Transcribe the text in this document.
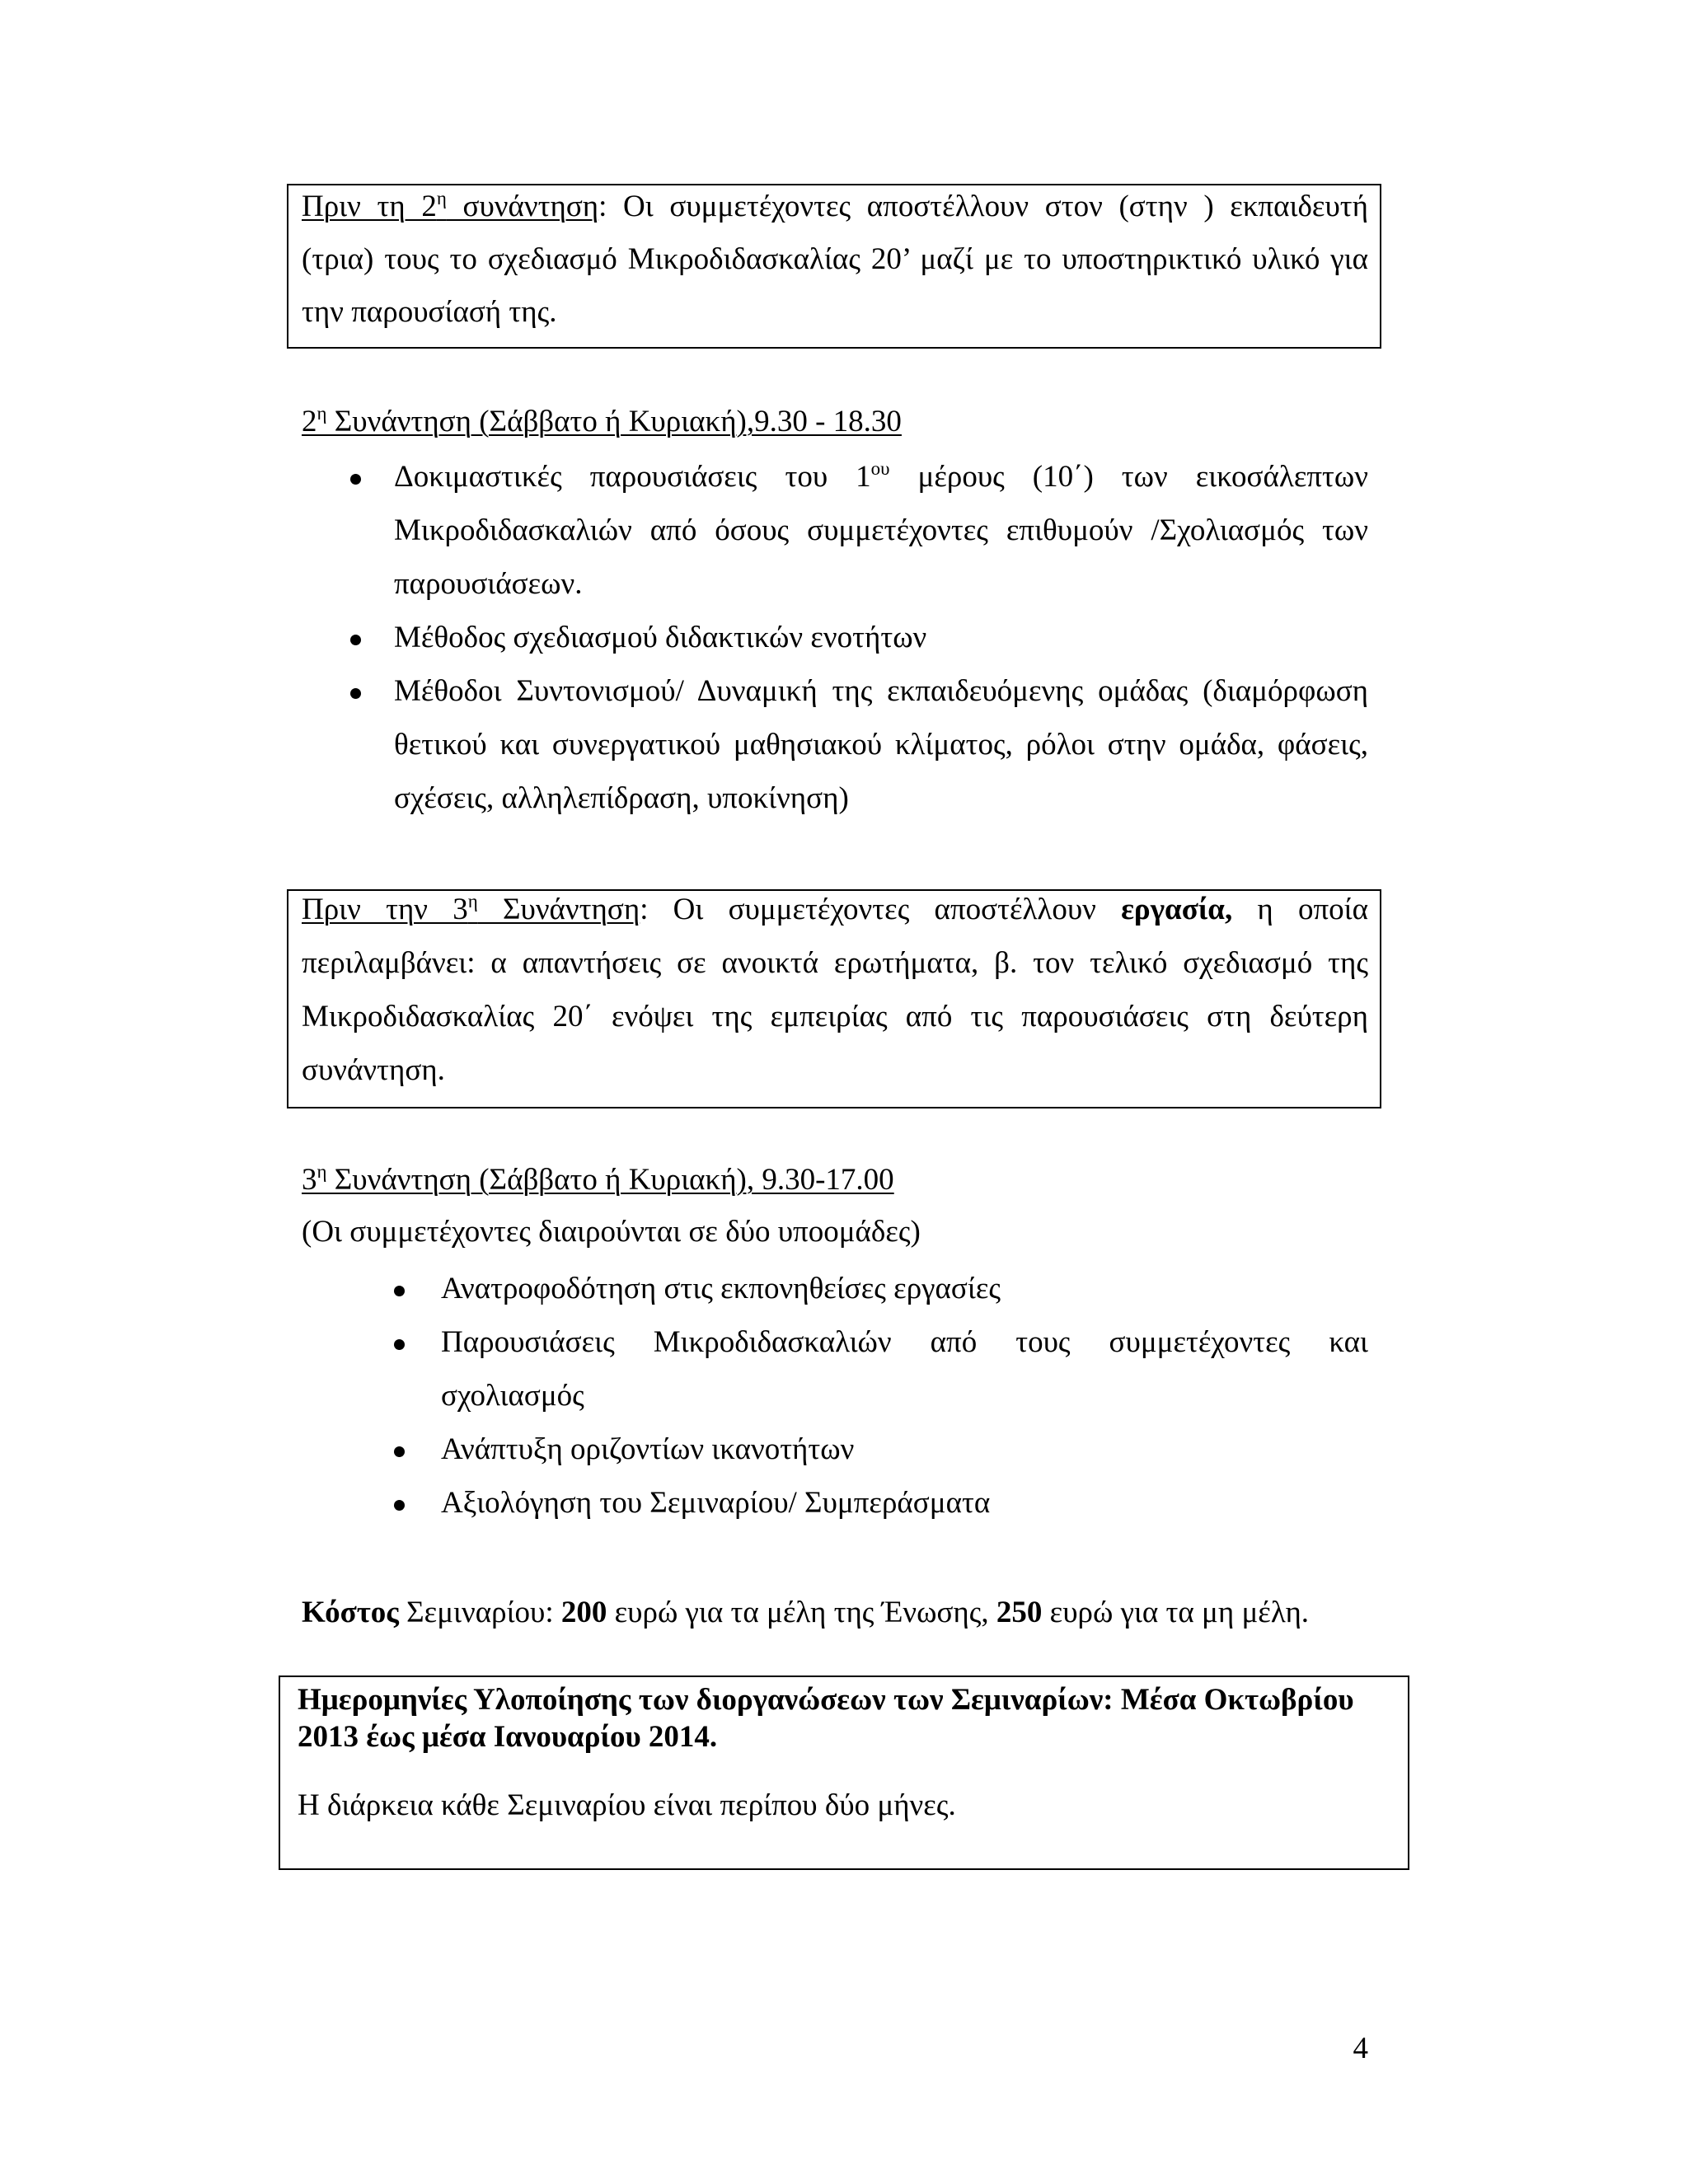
Πριν τη $2^\eta$ συνάντηση: Οι συμμετέχοντες αποστέλλουν στον (στην ) εκπαιδευτή
(τρια) τους το σχεδιασμό Μικροδιδασκαλίας 20’ μαζί με το υποστηρικτικό υλικό για
την παρουσίασή της.
$2^\eta$ Συνάντηση (Σάββατο ή Κυριακή),9.30 - 18.30
Δοκιμαστικές παρουσιάσεις του $1^{o\upsilon}$ μέρους (10΄) των εικοσάλεπτων
Μικροδιδασκαλιών από όσους συμμετέχοντες επιθυμούν /Σχολιασμός των
παρουσιάσεων.
Μέθοδος σχεδιασμού διδακτικών ενοτήτων
Μέθοδοι Συντονισμού/ Δυναμική της εκπαιδευόμενης ομάδας (διαμόρφωση
θετικού και συνεργατικού μαθησιακού κλίματος, ρόλοι στην ομάδα, φάσεις,
σχέσεις, αλληλεπίδραση, υποκίνηση)
Πριν την $3^\eta$ Συνάντηση: Οι συμμετέχοντες αποστέλλουν εργασία, η οποία
περιλαμβάνει: α απαντήσεις σε ανοικτά ερωτήματα, β. τον τελικό σχεδιασμό της
Μικροδιδασκαλίας 20΄ ενόψει της εμπειρίας από τις παρουσιάσεις στη δεύτερη
συνάντηση.
$3^\eta$ Συνάντηση (Σάββατο ή Κυριακή), 9.30-17.00
(Οι συμμετέχοντες διαιρούνται σε δύο υποομάδες)
Ανατροφοδότηση στις εκπονηθείσες εργασίες
Παρουσιάσεις Μικροδιδασκαλιών από τους συμμετέχοντες και
σχολιασμός
Ανάπτυξη οριζοντίων ικανοτήτων
Αξιολόγηση του Σεμιναρίου/ Συμπεράσματα
Κόστος Σεμιναρίου: 200 ευρώ για τα μέλη της Ένωσης, 250 ευρώ για τα μη μέλη.
Ημερομηνίες Υλοποίησης των διοργανώσεων των Σεμιναρίων: Μέσα Οκτωβρίου
2013 έως μέσα Ιανουαρίου 2014.
Η διάρκεια κάθε Σεμιναρίου είναι περίπου δύο μήνες.
4
